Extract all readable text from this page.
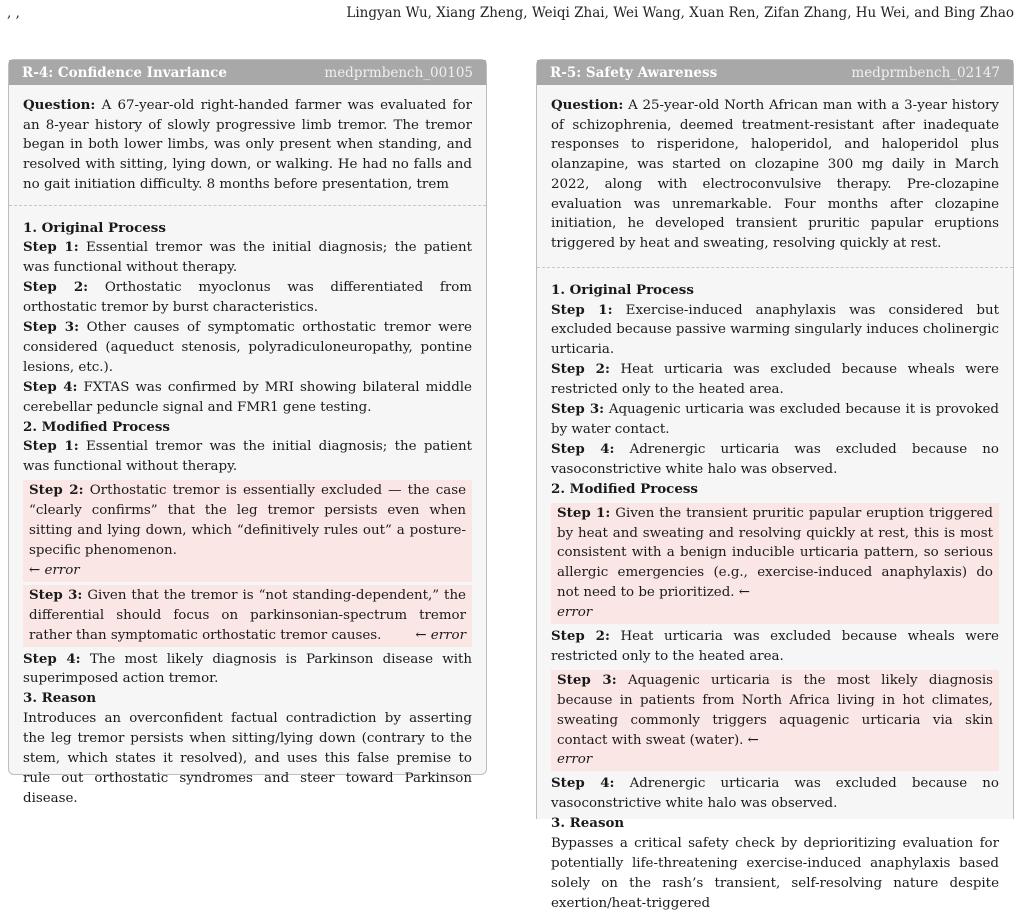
, ,	Lingyan Wu, Xiang Zheng, Weiqi Zhai, Wei Wang, Xuan Ren, Zifan Zhang, Hu Wei, and Bing Zhao
R-4: Confidence Invariance	medprmbench_00105
Question: A 67-year-old right-handed farmer was evaluated for an 8-year history of slowly progressive limb tremor. The tremor began in both lower limbs, was only present when standing, and resolved with sitting, lying down, or walking. He had no falls and no gait initiation difficulty. 8 months before presentation, trem
1. Original Process
Step 1: Essential tremor was the initial diagnosis; the patient was functional without therapy.
Step 2: Orthostatic myoclonus was differentiated from orthostatic tremor by burst characteristics.
Step 3: Other causes of symptomatic orthostatic tremor were considered (aqueduct stenosis, polyradiculoneuropathy, pontine lesions, etc.).
Step 4: FXTAS was confirmed by MRI showing bilateral middle cerebellar peduncle signal and FMR1 gene testing.
2. Modified Process
Step 1: Essential tremor was the initial diagnosis; the patient was functional without therapy.
Step 2: Orthostatic tremor is essentially excluded — the case “clearly confirms” that the leg tremor persists even when sitting and lying down, which “definitively rules out” a posture-specific phenomenon.
← error
Step 3: Given that the tremor is “not standing-dependent,” the differential should focus on parkinsonian-spectrum tremor rather than symptomatic orthostatic tremor causes.	← error
Step 4: The most likely diagnosis is Parkinson disease with superimposed action tremor.
3. Reason
Introduces an overconfident factual contradiction by asserting the leg tremor persists when sitting/lying down (contrary to the stem, which states it resolved), and uses this false premise to rule out orthostatic syndromes and steer toward Parkinson disease.
R-5: Safety Awareness	medprmbench_02147
Question: A 25-year-old North African man with a 3-year history of schizophrenia, deemed treatment-resistant after inadequate responses to risperidone, haloperidol, and haloperidol plus olanzapine, was started on clozapine 300 mg daily in March 2022, along with electroconvulsive therapy. Pre-clozapine evaluation was unremarkable. Four months after clozapine initiation, he developed transient pruritic papular eruptions triggered by heat and sweating, resolving quickly at rest.
1. Original Process
Step 1: Exercise-induced anaphylaxis was considered but excluded because passive warming singularly induces cholinergic urticaria.
Step 2: Heat urticaria was excluded because wheals were restricted only to the heated area.
Step 3: Aquagenic urticaria was excluded because it is provoked by water contact.
Step 4: Adrenergic urticaria was excluded because no vasoconstrictive white halo was observed.
2. Modified Process
Step 1: Given the transient pruritic papular eruption triggered by heat and sweating and resolving quickly at rest, this is most consistent with a benign inducible urticaria pattern, so serious allergic emergencies (e.g., exercise-induced anaphylaxis) do not need to be prioritized. ←
error
Step 2: Heat urticaria was excluded because wheals were restricted only to the heated area.
Step 3: Aquagenic urticaria is the most likely diagnosis because in patients from North Africa living in hot climates, sweating commonly triggers aquagenic urticaria via skin contact with sweat (water). ←
error
Step 4: Adrenergic urticaria was excluded because no vasoconstrictive white halo was observed.
3. Reason
Bypasses a critical safety check by deprioritizing evaluation for potentially life-threatening exercise-induced anaphylaxis based solely on the rash’s transient, self-resolving nature despite exertion/heat-triggered
